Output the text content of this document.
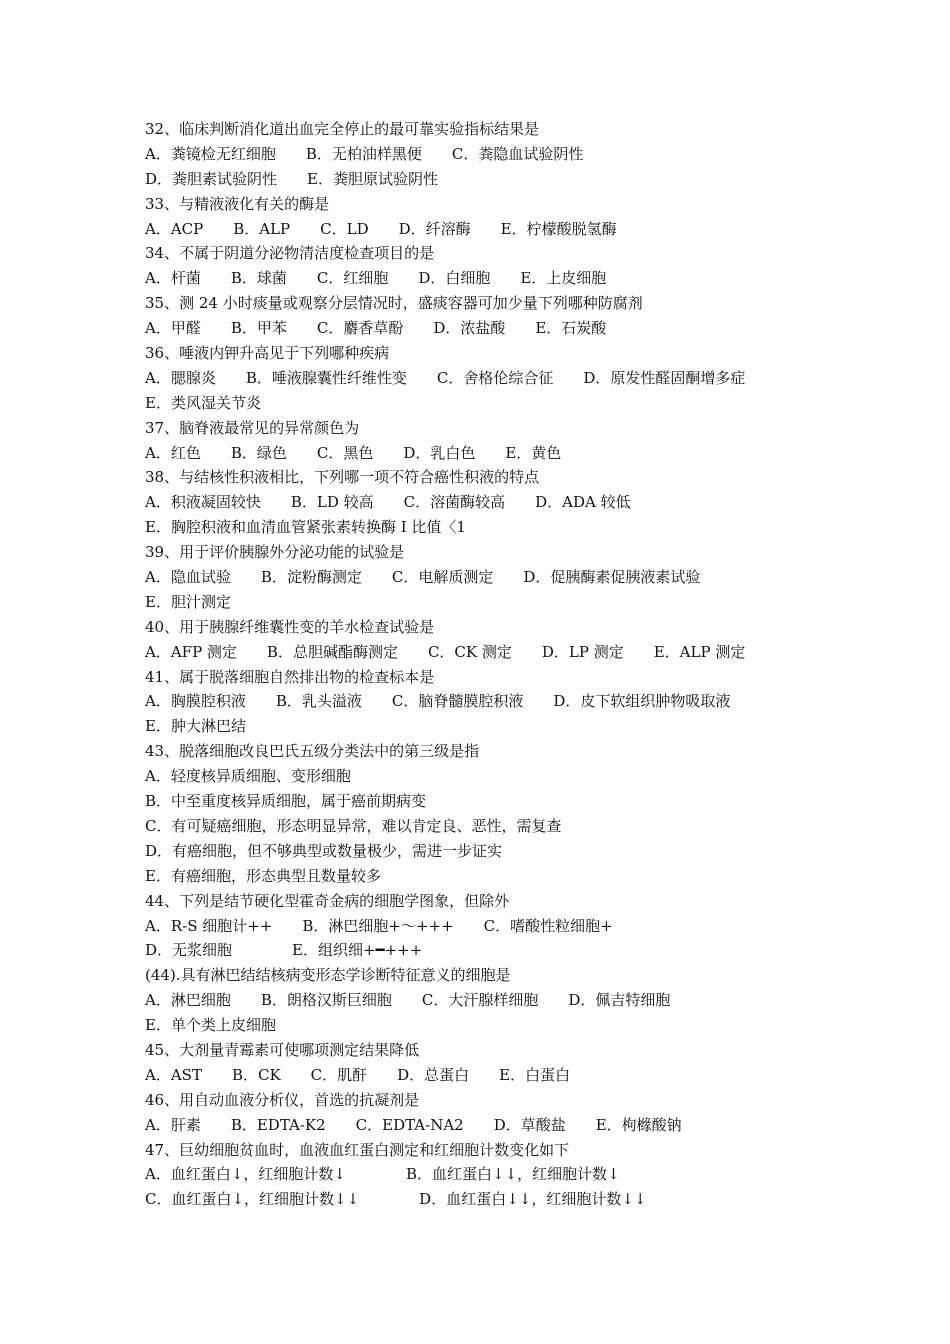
32、临床判断消化道出血完全停止的最可靠实验指标结果是
A．粪镜检无红细胞　　B．无柏油样黑便　　C．粪隐血试验阴性
D．粪胆素试验阴性　　E．粪胆原试验阴性
33、与精液液化有关的酶是
A．ACP　　B．ALP　　C．LD　　D．纤溶酶　　E．柠檬酸脱氢酶
34、不属于阴道分泌物清洁度检查项目的是
A．杆菌　　B．球菌　　C．红细胞　　D．白细胞　　E．上皮细胞
35、测 24 小时痰量或观察分层情况时，盛痰容器可加少量下列哪种防腐剂
A．甲醛　　B．甲苯　　C．麝香草酚　　D．浓盐酸　　E．石炭酸
36、唾液内钾升高见于下列哪种疾病
A．腮腺炎　　B．唾液腺囊性纤维性变　　C．舍格伦综合征　　D．原发性醛固酮增多症
E．类风湿关节炎
37、脑脊液最常见的异常颜色为
A．红色　　B．绿色　　C．黑色　　D．乳白色　　E．黄色
38、与结核性积液相比，下列哪一项不符合癌性积液的特点
A．积液凝固较快　　B．LD 较高　　C．溶菌酶较高　　D．ADA 较低
E．胸腔积液和血清血管紧张素转换酶 I 比值〈1
39、用于评价胰腺外分泌功能的试验是
A．隐血试验　　B．淀粉酶测定　　C．电解质测定　　D．促胰酶素促胰液素试验
E．胆汁测定
40、用于胰腺纤维囊性变的羊水检查试验是
A．AFP 测定　　B．总胆碱酯酶测定　　C．CK 测定　　D．LP 测定　　E．ALP 测定
41、属于脱落细胞自然排出物的检查标本是
A．胸膜腔积液　　B．乳头溢液　　C．脑脊髓膜腔积液　　D．皮下软组织肿物吸取液
E．肿大淋巴结
43、脱落细胞改良巴氏五级分类法中的第三级是指
A．轻度核异质细胞、变形细胞
B．中至重度核异质细胞，属于癌前期病变
C．有可疑癌细胞，形态明显异常，难以肯定良、恶性，需复查
D．有癌细胞，但不够典型或数量极少，需进一步证实
E．有癌细胞，形态典型且数量较多
44、下列是结节硬化型霍奇金病的细胞学图象，但除外
A．R-S 细胞计++　　B．淋巴细胞+～+++　　C．嗜酸性粒细胞+
D．无浆细胞　　　　E．组织细+━+++
(44).具有淋巴结结核病变形态学诊断特征意义的细胞是
A．淋巴细胞　　B．朗格汉斯巨细胞　　C．大汗腺样细胞　　D．佩吉特细胞
E．单个类上皮细胞
45、大剂量青霉素可使哪项测定结果降低
A．AST　　B．CK　　C．肌酐　　D．总蛋白　　E．白蛋白
46、用自动血液分析仪，首选的抗凝剂是
A．肝素　　B．EDTA-K2　　C．EDTA-NA2　　D．草酸盐　　E．枸橼酸钠
47、巨幼细胞贫血时，血液血红蛋白测定和红细胞计数变化如下
A．血红蛋白↓，红细胞计数↓　　　　B．血红蛋白↓↓，红细胞计数↓
C．血红蛋白↓，红细胞计数↓↓　　　　D．血红蛋白↓↓，红细胞计数↓↓
